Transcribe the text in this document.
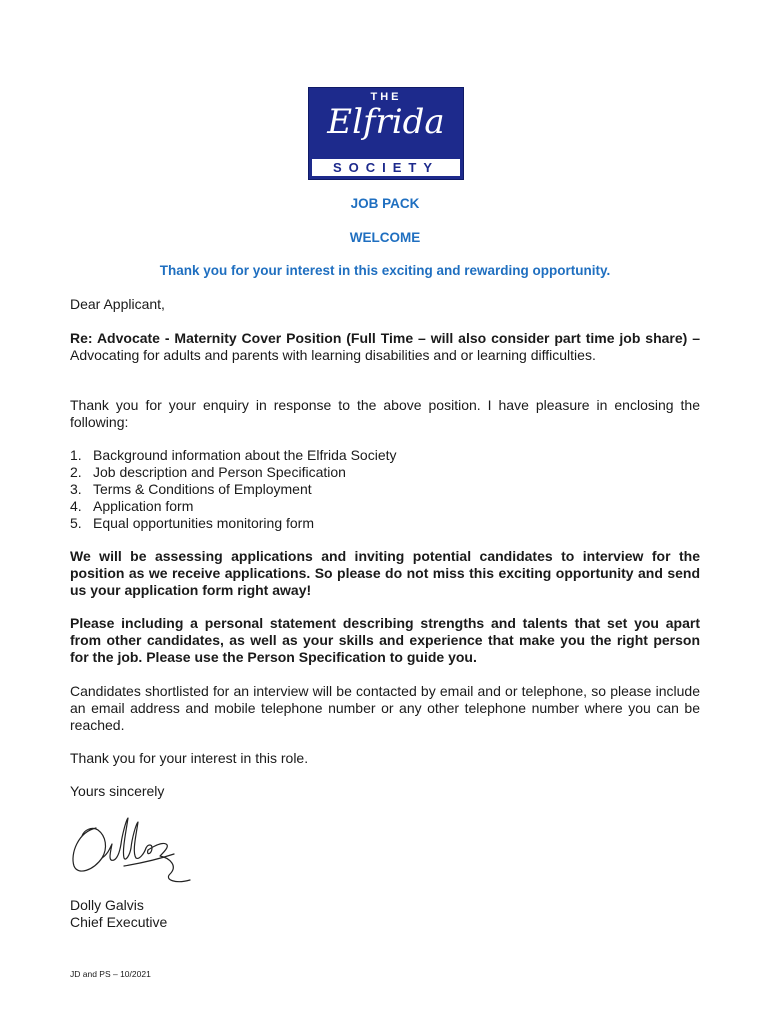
THE
Elfrida
SOCIETY
JOB PACK
WELCOME
Thank you for your interest in this exciting and rewarding opportunity.
Dear Applicant,
Re: Advocate - Maternity Cover Position (Full Time – will also consider part time job share) – Advocating for adults and parents with learning disabilities and or learning difficulties.
Thank you for your enquiry in response to the above position. I have pleasure in enclosing the following:
1. Background information about the Elfrida Society
2. Job description and Person Specification
3. Terms & Conditions of Employment
4. Application form
5. Equal opportunities monitoring form
We will be assessing applications and inviting potential candidates to interview for the position as we receive applications. So please do not miss this exciting opportunity and send us your application form right away!
Please including a personal statement describing strengths and talents that set you apart from other candidates, as well as your skills and experience that make you the right person for the job. Please use the Person Specification to guide you.
Candidates shortlisted for an interview will be contacted by email and or telephone, so please include an email address and mobile telephone number or any other telephone number where you can be reached.
Thank you for your interest in this role.
Yours sincerely
Dolly Galvis
Chief Executive
JD and PS – 10/2021
